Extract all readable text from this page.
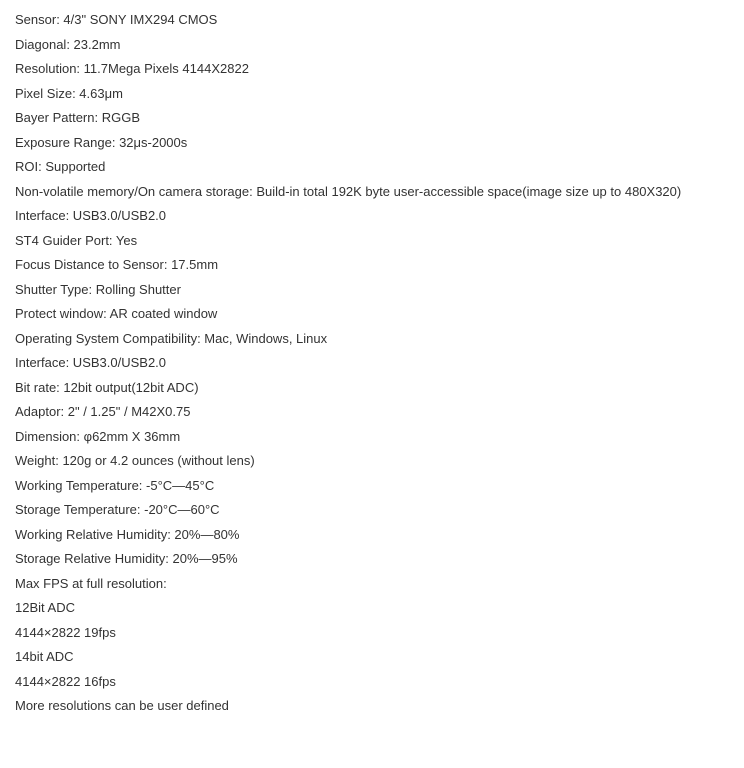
Sensor: 4/3" SONY IMX294 CMOS
Diagonal: 23.2mm
Resolution: 11.7Mega Pixels 4144X2822
Pixel Size: 4.63μm
Bayer Pattern: RGGB
Exposure Range: 32μs-2000s
ROI: Supported
Non-volatile memory/On camera storage: Build-in total 192K byte user-accessible space(image size up to 480X320)
Interface: USB3.0/USB2.0
ST4 Guider Port: Yes
Focus Distance to Sensor: 17.5mm
Shutter Type: Rolling Shutter
Protect window: AR coated window
Operating System Compatibility: Mac, Windows, Linux
Interface: USB3.0/USB2.0
Bit rate: 12bit output(12bit ADC)
Adaptor: 2" / 1.25" / M42X0.75
Dimension: φ62mm X 36mm
Weight: 120g or 4.2 ounces (without lens)
Working Temperature: -5°C—45°C
Storage Temperature: -20°C—60°C
Working Relative Humidity: 20%—80%
Storage Relative Humidity: 20%—95%
Max FPS at full resolution:
12Bit ADC
4144×2822 19fps
14bit ADC
4144×2822 16fps
More resolutions can be user defined
